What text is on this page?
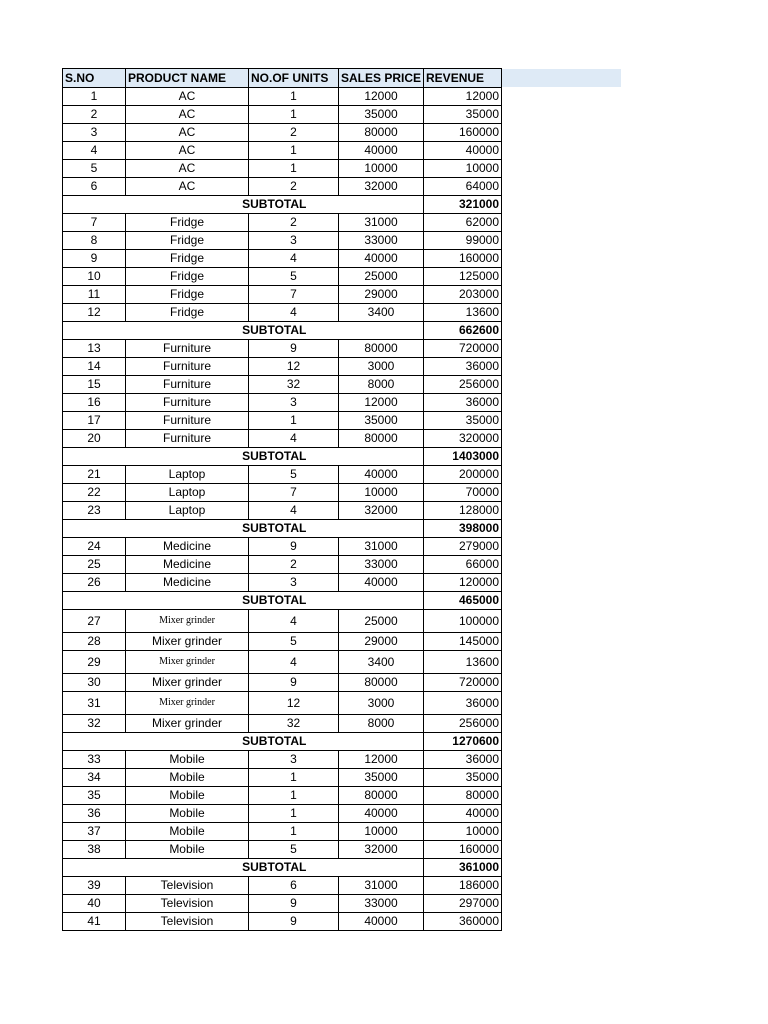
S.NO	PRODUCT NAME	NO.OF UNITS	SALES PRICE	REVENUE
1	AC	1	12000	12000
2	AC	1	35000	35000
3	AC	2	80000	160000
4	AC	1	40000	40000
5	AC	1	10000	10000
6	AC	2	32000	64000
	SUBTOTAL			321000
7	Fridge	2	31000	62000
8	Fridge	3	33000	99000
9	Fridge	4	40000	160000
10	Fridge	5	25000	125000
11	Fridge	7	29000	203000
12	Fridge	4	3400	13600
	SUBTOTAL			662600
13	Furniture	9	80000	720000
14	Furniture	12	3000	36000
15	Furniture	32	8000	256000
16	Furniture	3	12000	36000
17	Furniture	1	35000	35000
20	Furniture	4	80000	320000
	SUBTOTAL			1403000
21	Laptop	5	40000	200000
22	Laptop	7	10000	70000
23	Laptop	4	32000	128000
	SUBTOTAL			398000
24	Medicine	9	31000	279000
25	Medicine	2	33000	66000
26	Medicine	3	40000	120000
	SUBTOTAL			465000
27	Mixer grinder	4	25000	100000
28	Mixer grinder	5	29000	145000
29	Mixer grinder	4	3400	13600
30	Mixer grinder	9	80000	720000
31	Mixer grinder	12	3000	36000
32	Mixer grinder	32	8000	256000
	SUBTOTAL			1270600
33	Mobile	3	12000	36000
34	Mobile	1	35000	35000
35	Mobile	1	80000	80000
36	Mobile	1	40000	40000
37	Mobile	1	10000	10000
38	Mobile	5	32000	160000
	SUBTOTAL			361000
39	Television	6	31000	186000
40	Television	9	33000	297000
41	Television	9	40000	360000
